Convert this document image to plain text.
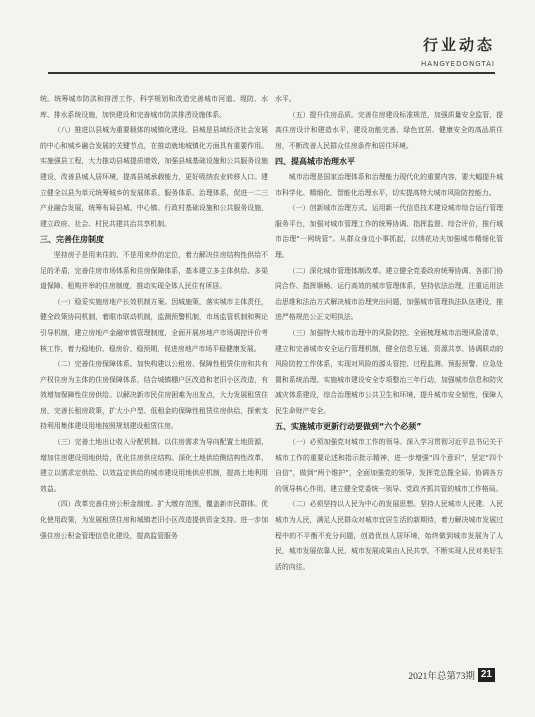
行业动态
HANGYEDONGTAI

统。统筹城市防洪和排涝工作，科学规划和改造完善城市河道、堤防、水库、排水系统设施，加快建设和完善城市防洪排涝设施体系。

（八）推进以县城为重要载体的城镇化建设。县城是县域经济社会发展的中心和城乡融合发展的关键节点，在推动就地城镇化方面具有重要作用。实施强县工程，大力推动县城提质增效，加强县城基础设施和公共服务设施建设，改善县城人居环境，提高县城承载能力，更好吸纳农业转移人口。建立健全以县为单元统筹城乡的发展体系、服务体系、治理体系，促进一二三产业融合发展，统筹布局县城、中心镇、行政村基础设施和公共服务设施，建立政府、社会、村民共建共治共享机制。

三、完善住房制度

坚持房子是用来住的、不是用来炒的定位，着力解决住房结构性供给不足的矛盾，完善住房市场体系和住房保障体系，基本建立多主体供给、多渠道保障、租购并举的住房制度，推动实现全体人民住有所居。

（一）稳妥实施房地产长效机制方案。因城施策，落实城市主体责任，健全政策协同机制，着眼市联动机制，监测预警机制，市场监管机制和舆论引导机制，建立房地产金融审慎管理制度，全面开展房地产市场调控评价考核工作，着力稳地价、稳房价、稳预期，促进房地产市场平稳健康发展。

（二）完善住房保障体系。加快构建以公租房、保障性租赁住房和共有产权住房为主体的住房保障体系，结合城镇棚户区改造和老旧小区改造，有效增加保障性住房供给。以解决新市民住房困难为出发点，大力发展租赁住房，完善长租房政策，扩大小户型、低租金的保障性租赁住房供给，探索支持利用集体建设用地按照规划建设租赁住房。

（三）完善土地出让收入分配机制。以住房需求为导向配置土地资源，增加住房建设用地供给，优化住房供应结构。深化土地供给侧结构性改革，建立以需求定供给、以效益定供给的城市建设用地供应机制，提高土地利用效益。

（四）改革完善住房公积金制度。扩大缴存范围，覆盖新市民群体。优化使用政策，为发展租赁住房和城镇老旧小区改造提供资金支持。进一步加强住房公积金管理信息化建设，提高监管服务

水平。

（五）提升住房品质。完善住房建设标准规范，加强质量安全监管，提高住房设计和建造水平，建设功能完善、绿色宜居、健康安全的高品质住房，不断改善人民群众住房条件和居住环境。

四、提高城市治理水平

城市治理是国家治理体系和治理能力现代化的重要内容，要大幅提升城市科学化、精细化、智能化治理水平，切实提高特大城市风险防控能力。

（一）创新城市治理方式。运用新一代信息技术建设城市综合运行管理服务平台，加强对城市管理工作的统筹协调、指挥监督、综合评价，推行城市治理“一网统管”。从群众身边小事抓起，以绣花功夫加强城市精细化管理。

（二）深化城市管理体制改革。建立健全党委政府统筹协调、各部门协同合作、指挥顺畅、运行高效的城市管理体系，坚持依法治理，注重运用法治思维和法治方式解决城市治理突出问题，加强城市管理执法队伍建设，推进严格规范公正文明执法。

（三）加强特大城市治理中的风险防控。全面梳理城市治理风险清单，建立和完善城市安全运行管理机制，健全信息互通、资源共享、协调联动的风险防控工作体系，实现对风险的源头管控、过程监测、预报预警、应急处置和系统治理。实施城市建设安全专项整治三年行动，加强城市信息和防灾减灾体系建设，综合治理城市公共卫生和环境，提升城市安全韧性，保障人民生命财产安全。

五、实施城市更新行动要做到“六个必须”

（一）必须加强党对城市工作的领导。深入学习贯彻习近平总书记关于城市工作的重要论述和指示批示精神，进一步增强“四个意识”，坚定“四个自信”，做到“两个维护”，全面加强党的领导，发挥党总揽全局、协调各方的领导核心作用，建立健全党委统一领导、党政齐抓共管的城市工作格局。

（二）必须坚持以人民为中心的发展思想。坚持人民城市人民建、人民城市为人民，满足人民群众对城市宜居生活的新期待，着力解决城市发展过程中的不平衡不充分问题，创造优良人居环境，始终做到城市发展为了人民，城市发展依靠人民，城市发展成果由人民共享，不断实现人民对美好生活的向往。

2021年总第73期 21
